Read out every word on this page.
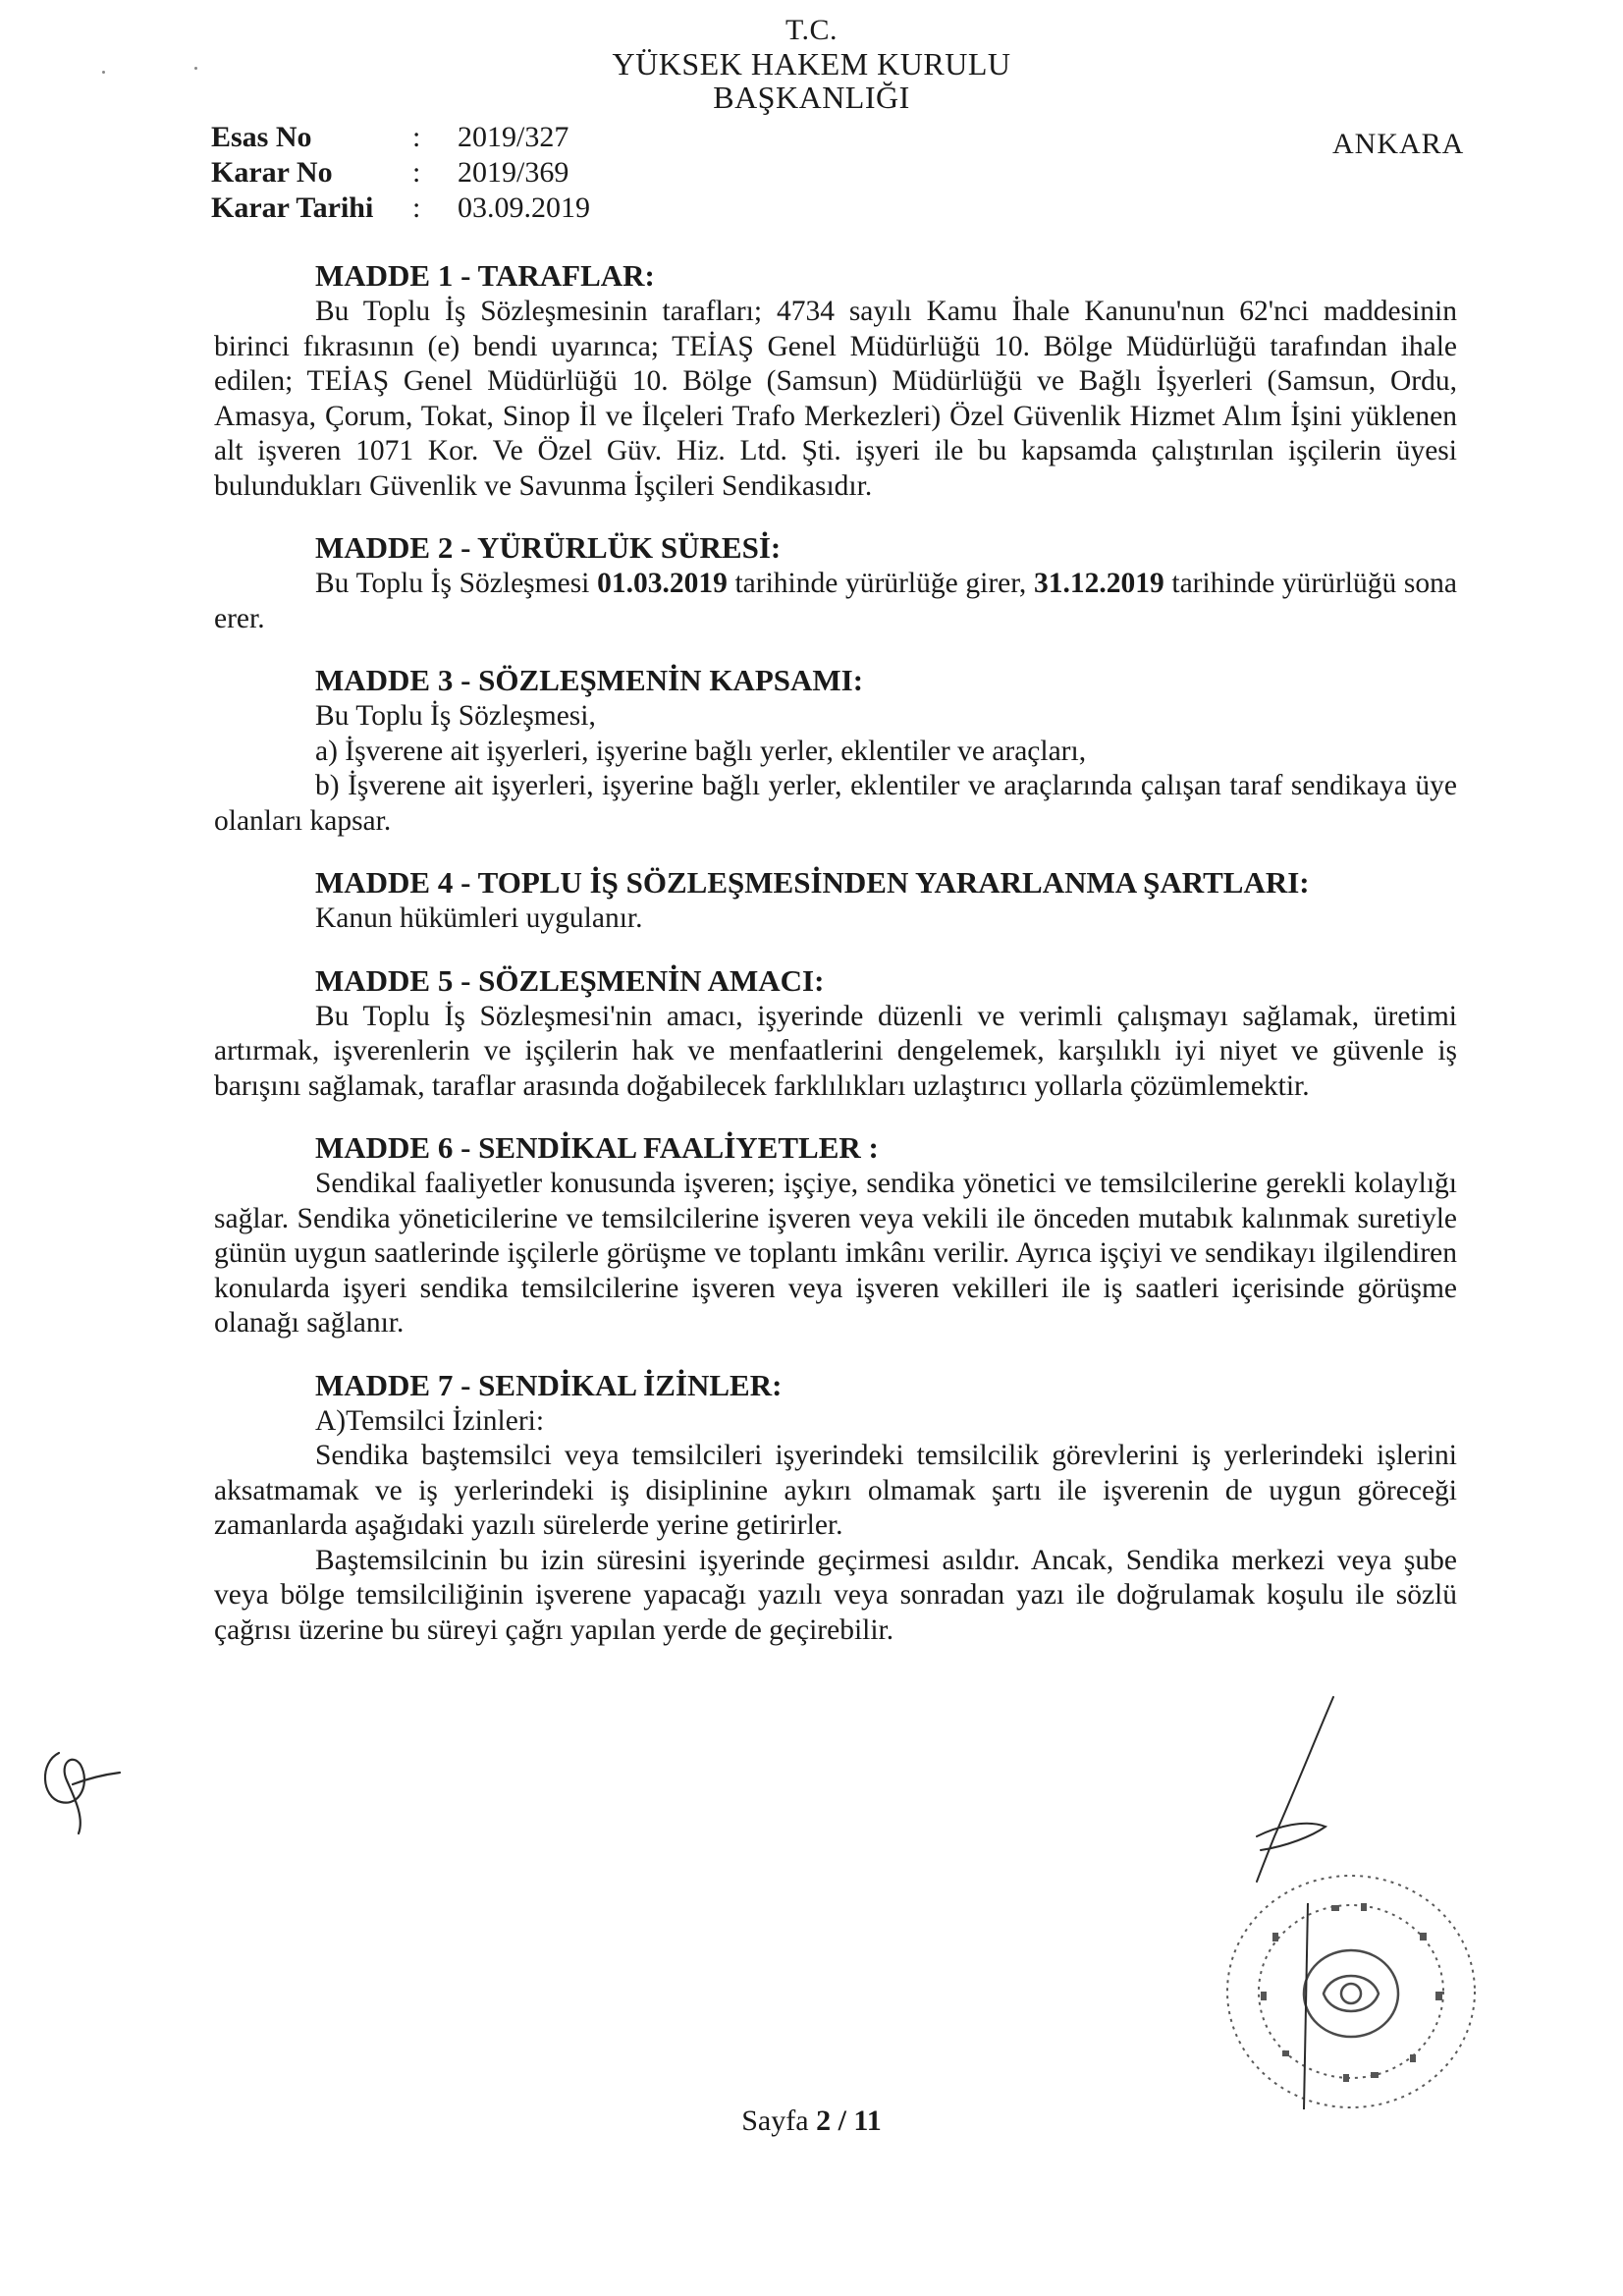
T.C.
YÜKSEK HAKEM KURULU
BAŞKANLIĞI
Esas No	:	2019/327
Karar No	:	2019/369
Karar Tarihi	:	03.09.2019
ANKARA
MADDE 1 - TARAFLAR:

Bu Toplu İş Sözleşmesinin tarafları; 4734 sayılı Kamu İhale Kanunu'nun 62'nci maddesinin birinci fıkrasının (e) bendi uyarınca; TEİAŞ Genel Müdürlüğü 10. Bölge Müdürlüğü tarafından ihale edilen; TEİAŞ Genel Müdürlüğü 10. Bölge (Samsun) Müdürlüğü ve Bağlı İşyerleri (Samsun, Ordu, Amasya, Çorum, Tokat, Sinop İl ve İlçeleri Trafo Merkezleri) Özel Güvenlik Hizmet Alım İşini yüklenen alt işveren 1071 Kor. Ve Özel Güv. Hiz. Ltd. Şti. işyeri ile bu kapsamda çalıştırılan işçilerin üyesi bulundukları Güvenlik ve Savunma İşçileri Sendikasıdır.

MADDE 2 - YÜRÜRLÜK SÜRESİ:

Bu Toplu İş Sözleşmesi 01.03.2019 tarihinde yürürlüğe girer, 31.12.2019 tarihinde yürürlüğü sona erer.

MADDE 3 - SÖZLEŞMENİN KAPSAMI:
Bu Toplu İş Sözleşmesi,
a) İşverene ait işyerleri, işyerine bağlı yerler, eklentiler ve araçları,

b) İşverene ait işyerleri, işyerine bağlı yerler, eklentiler ve araçlarında çalışan taraf sendikaya üye olanları kapsar.

MADDE 4 - TOPLU İŞ SÖZLEŞMESİNDEN YARARLANMA ŞARTLARI:
Kanun hükümleri uygulanır.
MADDE 5 - SÖZLEŞMENİN AMACI:

Bu Toplu İş Sözleşmesi'nin amacı, işyerinde düzenli ve verimli çalışmayı sağlamak, üretimi artırmak, işverenlerin ve işçilerin hak ve menfaatlerini dengelemek, karşılıklı iyi niyet ve güvenle iş barışını sağlamak, taraflar arasında doğabilecek farklılıkları uzlaştırıcı yollarla çözümlemektir.

MADDE 6 - SENDİKAL FAALİYETLER :

Sendikal faaliyetler konusunda işveren; işçiye, sendika yönetici ve temsilcilerine gerekli kolaylığı sağlar. Sendika yöneticilerine ve temsilcilerine işveren veya vekili ile önceden mutabık kalınmak suretiyle günün uygun saatlerinde işçilerle görüşme ve toplantı imkânı verilir. Ayrıca işçiyi ve sendikayı ilgilendiren konularda işyeri sendika temsilcilerine işveren veya işveren vekilleri ile iş saatleri içerisinde görüşme olanağı sağlanır.

MADDE 7 - SENDİKAL İZİNLER:
A)Temsilci İzinleri:

Sendika baştemsilci veya temsilcileri işyerindeki temsilcilik görevlerini iş yerlerindeki işlerini aksatmamak ve iş yerlerindeki iş disiplinine aykırı olmamak şartı ile işverenin de uygun göreceği zamanlarda aşağıdaki yazılı sürelerde yerine getirirler.

Baştemsilcinin bu izin süresini işyerinde geçirmesi asıldır. Ancak, Sendika merkezi veya şube veya bölge temsilciliğinin işverene yapacağı yazılı veya sonradan yazı ile doğrulamak koşulu ile sözlü çağrısı üzerine bu süreyi çağrı yapılan yerde de geçirebilir.

Sayfa 2 / 11
